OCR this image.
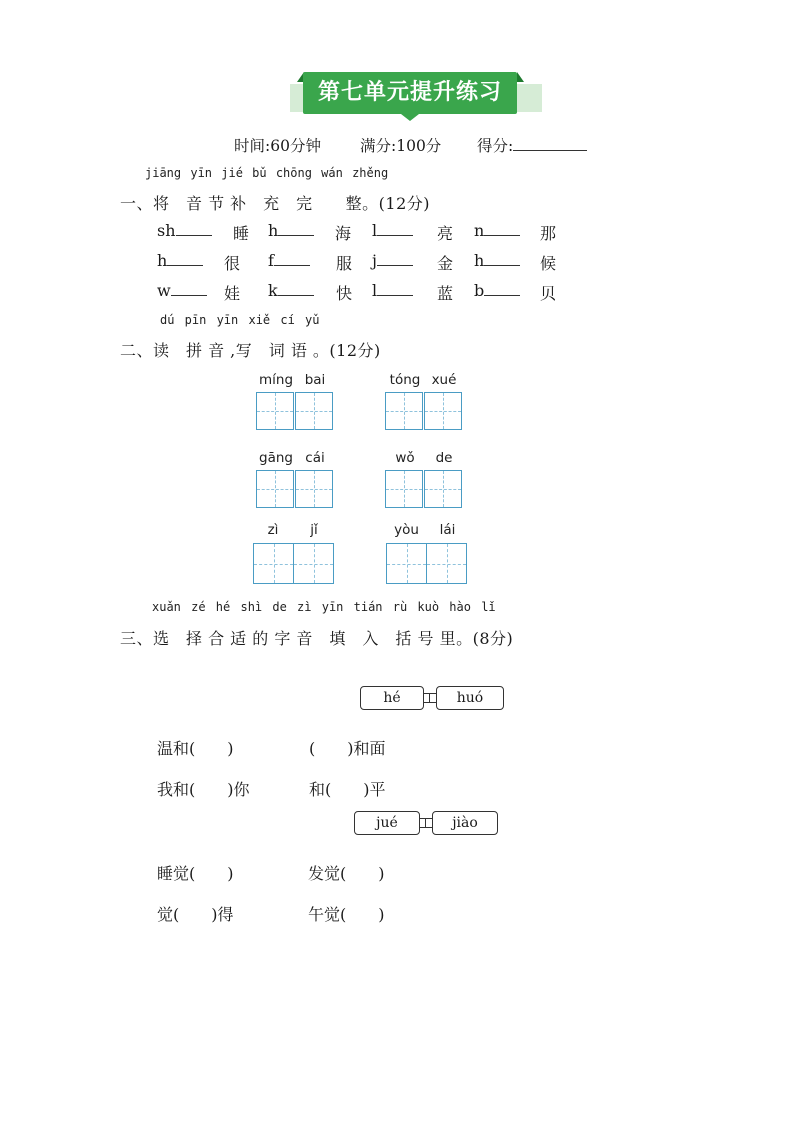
第七单元提升练习
时间:60分钟	满分:100分 得分:
jiāng yīn jié bǔ chōng wán zhěng
一、将　音 节 补　充　完　　整。(12分)
sh	睡 h	海 l	亮 n	那
h	很 f	服 j	金 h	候
w	娃 k	快 l	蓝 b	贝
dú pīn yīn xiě cí yǔ
二、读　拼 音 ,写　词 语 。(12分)
míng bai	tóng xué
gāng cái	wǒ	de
zì	jǐ	yòu	lái
xuǎn zé hé shì de zì yīn tián rù kuò hào lǐ
三、选　择 合 适 的 字 音　填　入　括 号 里。(8分)
hé	huó
温和(　　)	(　　)和面
我和(　　)你	和(　　)平
jué	jiào
睡觉(　　)	发觉(　　)
觉(　　)得	午觉(　　)
